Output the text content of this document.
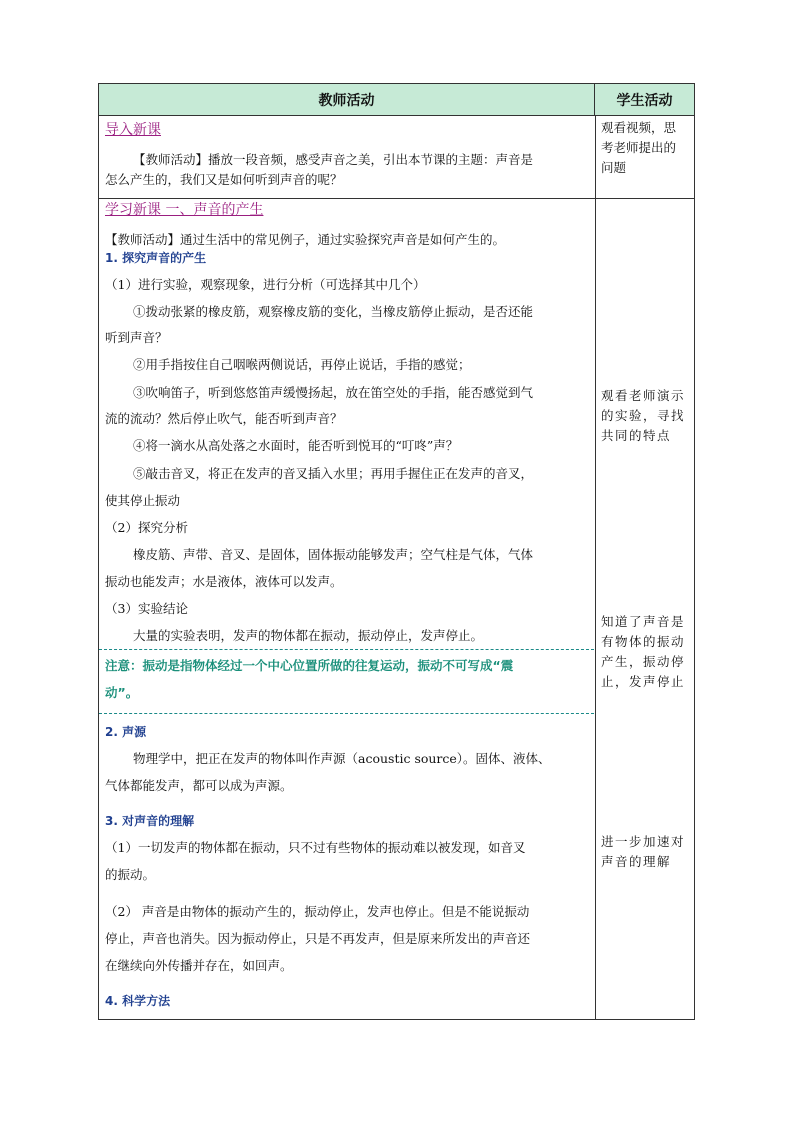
教师活动	学生活动
导入新课
【教师活动】播放一段音频，感受声音之美，引出本节课的主题：声音是
怎么产生的，我们又是如何听到声音的呢？
观看视频，思
考老师提出的
问题
学习新课 一、声音的产生
【教师活动】通过生活中的常见例子，通过实验探究声音是如何产生的。
1. 探究声音的产生
（1）进行实验，观察现象，进行分析（可选择其中几个）
①拨动张紧的橡皮筋，观察橡皮筋的变化，当橡皮筋停止振动，是否还能
听到声音？
②用手指按住自己咽喉两侧说话，再停止说话，手指的感觉；
③吹响笛子，听到悠悠笛声缓慢扬起，放在笛空处的手指，能否感觉到气
流的流动？然后停止吹气，能否听到声音？
④将一滴水从高处落之水面时，能否听到悦耳的“叮咚”声？
⑤敲击音叉，将正在发声的音叉插入水里；再用手握住正在发声的音叉，
使其停止振动
（2）探究分析
橡皮筋、声带、音叉、是固体，固体振动能够发声；空气柱是气体，气体
振动也能发声；水是液体，液体可以发声。
（3）实验结论
大量的实验表明，发声的物体都在振动，振动停止，发声停止。
注意：振动是指物体经过一个中心位置所做的往复运动，振动不可写成“震
动”。
2. 声源
物理学中，把正在发声的物体叫作声源（acoustic source）。固体、液体、
气体都能发声，都可以成为声源。
3. 对声音的理解
（1）一切发声的物体都在振动，只不过有些物体的振动难以被发现，如音叉
的振动。
（2） 声音是由物体的振动产生的，振动停止，发声也停止。但是不能说振动
停止，声音也消失。因为振动停止，只是不再发声，但是原来所发出的声音还
在继续向外传播并存在，如回声。
4. 科学方法
观看老师演示
的实验，寻找
共同的特点
知道了声音是
有物体的振动
产生，振动停
止，发声停止
进一步加速对
声音的理解
